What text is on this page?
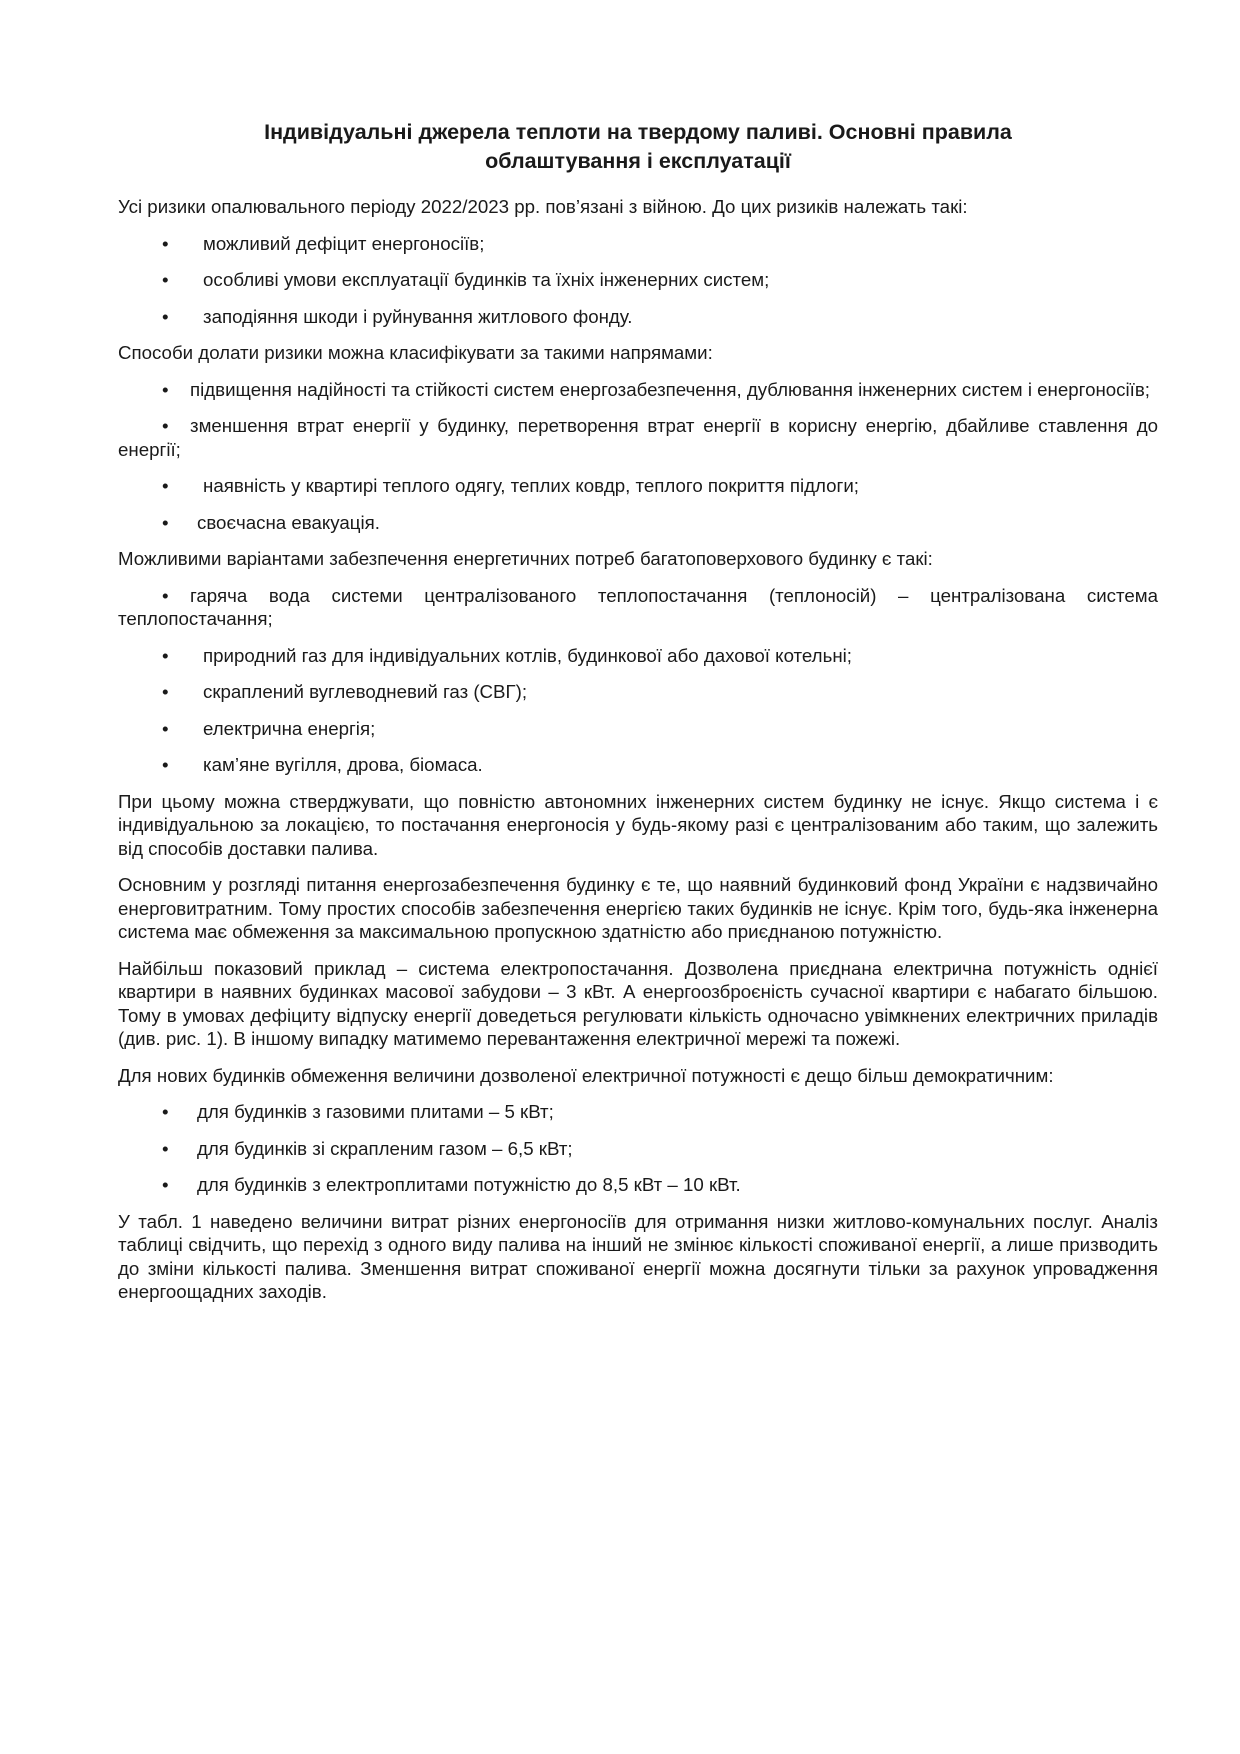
Індивідуальні джерела теплоти на твердому паливі. Основні правила
облаштування і експлуатації

Усі ризики опалювального періоду 2022/2023 рр. пов’язані з війною. До цих ризиків належать такі:

•	можливий дефіцит енергоносіїв;
•	особливі умови експлуатації будинків та їхніх інженерних систем;
•	заподіяння шкоди і руйнування житлового фонду.

Способи долати ризики можна класифікувати за такими напрямами:

• підвищення надійності та стійкості систем енергозабезпечення, дублювання інженерних систем і енергоносіїв;
• зменшення втрат енергії у будинку, перетворення втрат енергії в корисну енергію, дбайливе ставлення до енергії;
•	наявність у квартирі теплого одягу, теплих ковдр, теплого покриття підлоги;
•	своєчасна евакуація.

Можливими варіантами забезпечення енергетичних потреб багатоповерхового будинку є такі:

• гаряча вода системи централізованого теплопостачання (теплоносій) – централізована система теплопостачання;
•	природний газ для індивідуальних котлів, будинкової або дахової котельні;
•	скраплений вуглеводневий газ (СВГ);
•	електрична енергія;
•	кам’яне вугілля, дрова, біомаса.

При цьому можна стверджувати, що повністю автономних інженерних систем будинку не існує. Якщо система і є індивідуальною за локацією, то постачання енергоносія у будь-якому разі є централізованим або таким, що залежить від способів доставки палива.

Основним у розгляді питання енергозабезпечення будинку є те, що наявний будинковий фонд України є надзвичайно енерговитратним. Тому простих способів забезпечення енергією таких будинків не існує. Крім того, будь-яка інженерна система має обмеження за максимальною пропускною здатністю або приєднаною потужністю.

Найбільш показовий приклад – система електропостачання. Дозволена приєднана електрична потужність однієї квартири в наявних будинках масової забудови – 3 кВт. А енергоозброєність сучасної квартири є набагато більшою. Тому в умовах дефіциту відпуску енергії доведеться регулювати кількість одночасно увімкнених електричних приладів (див. рис. 1). В іншому випадку матимемо перевантаження електричної мережі та пожежі.

Для нових будинків обмеження величини дозволеної електричної потужності є дещо більш демократичним:

•	для будинків з газовими плитами – 5 кВт;
•	для будинків зі скрапленим газом – 6,5 кВт;
•	для будинків з електроплитами потужністю до 8,5 кВт – 10 кВт.

У табл. 1 наведено величини витрат різних енергоносіїв для отримання низки житлово-комунальних послуг. Аналіз таблиці свідчить, що перехід з одного виду палива на інший не змінює кількості споживаної енергії, а лише призводить до зміни кількості палива. Зменшення витрат споживаної енергії можна досягнути тільки за рахунок упровадження енергоощадних заходів.
